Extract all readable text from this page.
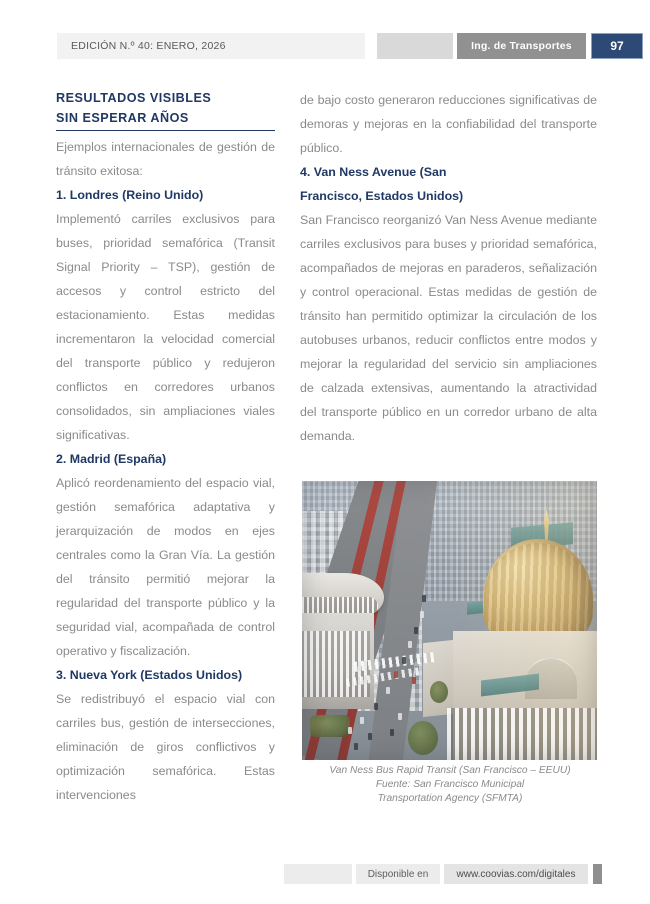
EDICIÓN N.º 40: ENERO, 2026	Ing. de Transportes	97
RESULTADOS VISIBLES
SIN ESPERAR AÑOS

Ejemplos internacionales de gestión de tránsito exitosa:

1. Londres (Reino Unido)

Implementó carriles exclusivos para buses, prioridad semafórica (Transit Signal Priority – TSP), gestión de accesos y control estricto del estacionamiento. Estas medidas incrementaron la velocidad comercial del transporte público y redujeron conflictos en corredores urbanos consolidados, sin ampliaciones viales significativas.

2. Madrid (España)

Aplicó reordenamiento del espacio vial, gestión semafórica adaptativa y jerarquización de modos en ejes centrales como la Gran Vía. La gestión del tránsito permitió mejorar la regularidad del transporte público y la seguridad vial, acompañada de control operativo y fiscalización.

3. Nueva York (Estados Unidos)

Se redistribuyó el espacio vial con carriles bus, gestión de intersecciones, eliminación de giros conflictivos y optimización semafórica. Estas intervenciones

de bajo costo generaron reducciones significativas de demoras y mejoras en la confiabilidad del transporte público.

4. Van Ness Avenue (San

Francisco, Estados Unidos)

San Francisco reorganizó Van Ness Avenue mediante carriles exclusivos para buses y prioridad semafórica, acompañados de mejoras en paraderos, señalización y control operacional. Estas medidas de gestión de tránsito han permitido optimizar la circulación de los autobuses urbanos, reducir conflictos entre modos y mejorar la regularidad del servicio sin ampliaciones de calzada extensivas, aumentando la atractividad del transporte público en un corredor urbano de alta demanda.

Van Ness Bus Rapid Transit (San Francisco – EEUU)
Fuente: San Francisco Municipal
Transportation Agency (SFMTA)
Disponible en	www.coovias.com/digitales
